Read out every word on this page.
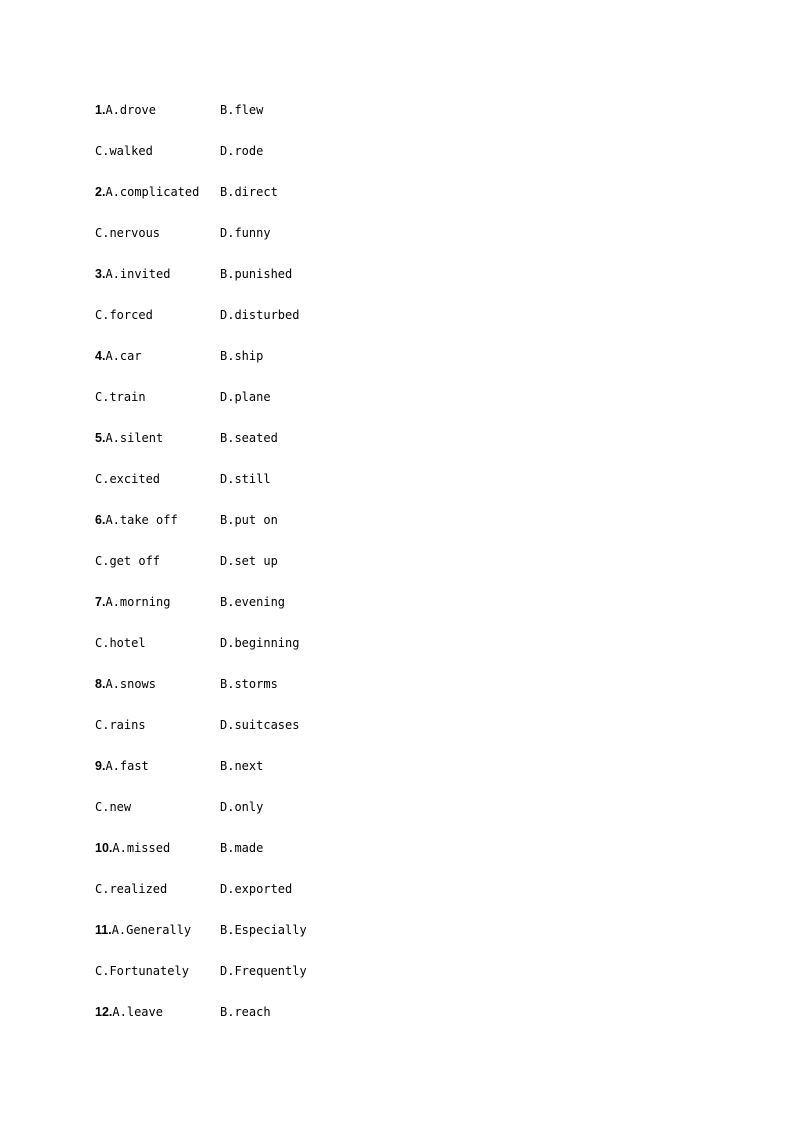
1.A.drove	B.flew
C.walked	D.rode
2.A.complicated B.direct
C.nervous	D.funny
3.A.invited	B.punished
C.forced	D.disturbed
4.A.car	B.ship
C.train	D.plane
5.A.silent	B.seated
C.excited	D.still
6.A.take off	B.put on
C.get off	D.set up
7.A.morning	B.evening
C.hotel	D.beginning
8.A.snows	B.storms
C.rains	D.suitcases
9.A.fast	B.next
C.new	D.only
10.A.missed	B.made
C.realized	D.exported
11.A.Generally B.Especially
C.Fortunately	D.Frequently
12.A.leave	B.reach
